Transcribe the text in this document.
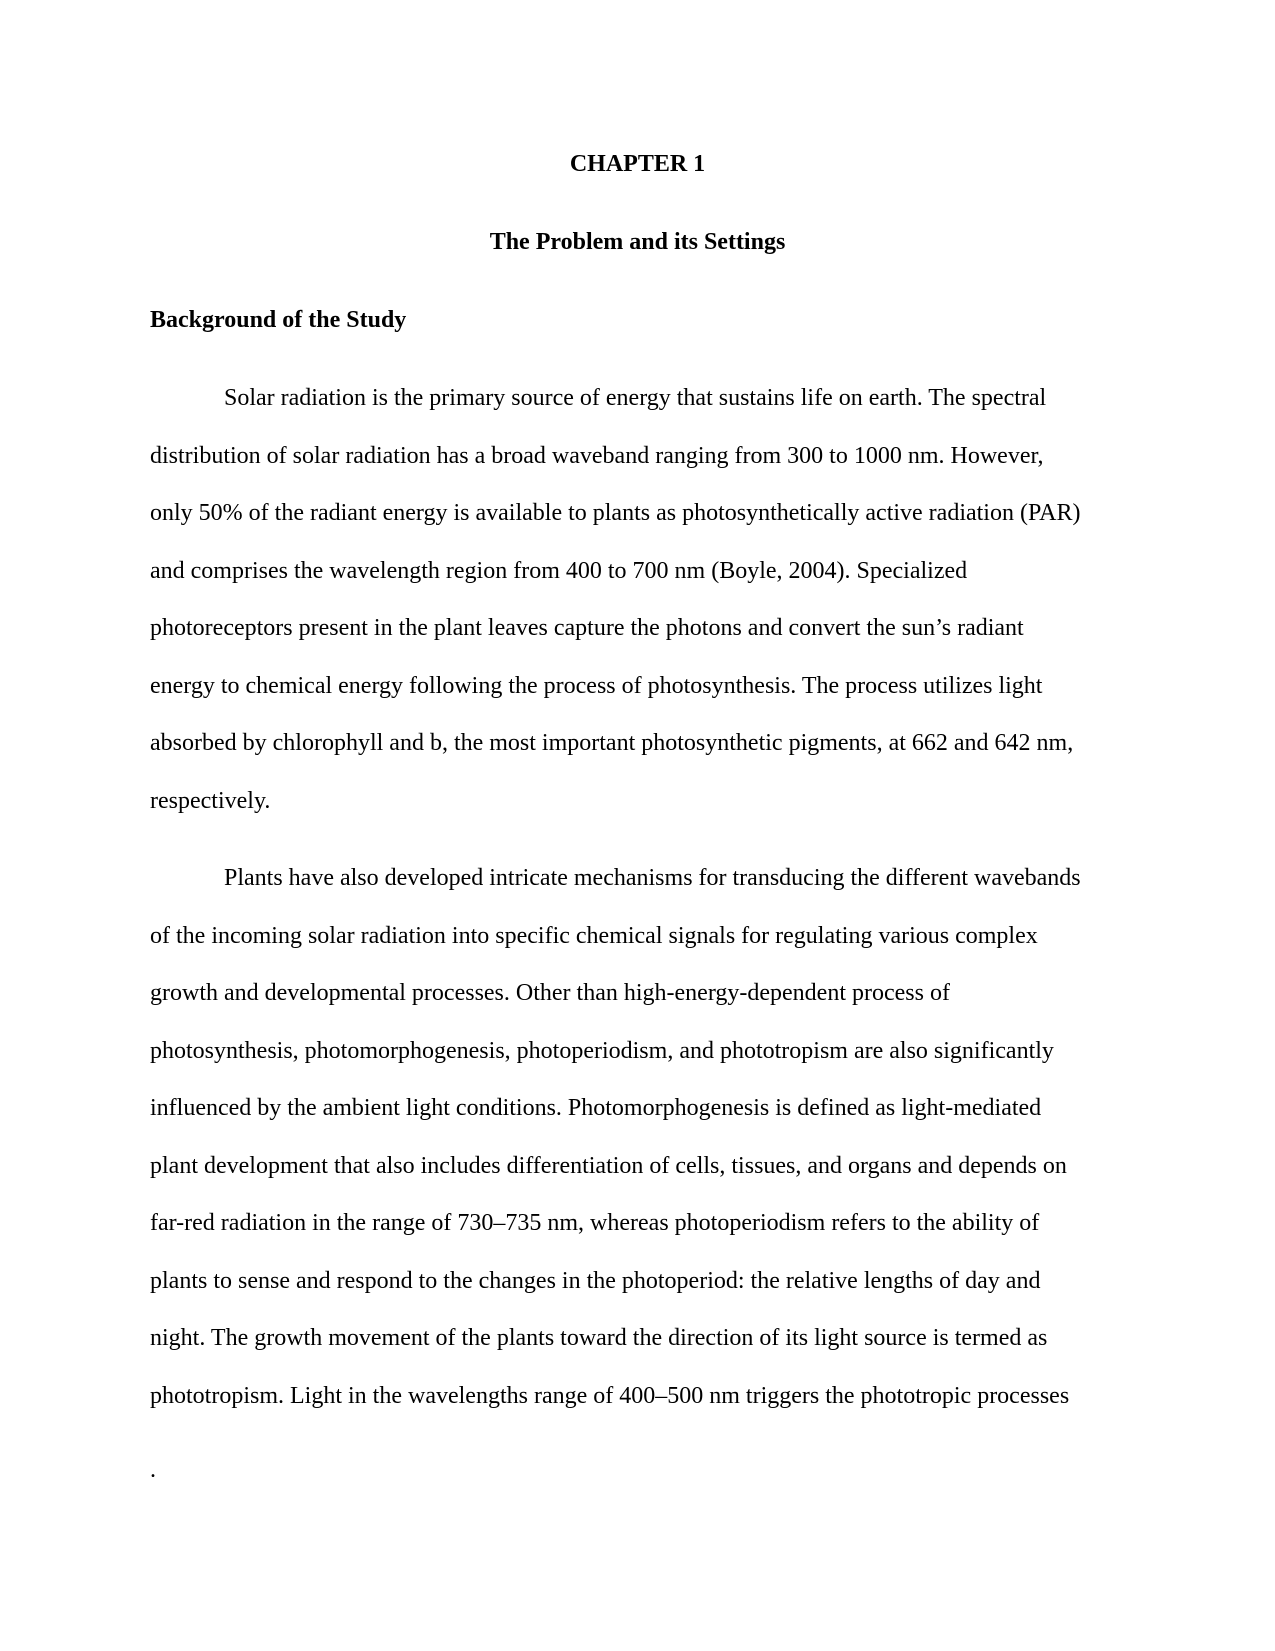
CHAPTER 1
The Problem and its Settings
Background of the Study

Solar radiation is the primary source of energy that sustains life on earth. The spectral
distribution of solar radiation has a broad waveband ranging from 300 to 1000 nm. However,
only 50% of the radiant energy is available to plants as photosynthetically active radiation (PAR)
and comprises the wavelength region from 400 to 700 nm (Boyle, 2004). Specialized
photoreceptors present in the plant leaves capture the photons and convert the sun’s radiant
energy to chemical energy following the process of photosynthesis. The process utilizes light
absorbed by chlorophyll and b, the most important photosynthetic pigments, at 662 and 642 nm,
respectively.

Plants have also developed intricate mechanisms for transducing the different wavebands
of the incoming solar radiation into specific chemical signals for regulating various complex
growth and developmental processes. Other than high-energy-dependent process of
photosynthesis, photomorphogenesis, photoperiodism, and phototropism are also significantly
influenced by the ambient light conditions. Photomorphogenesis is defined as light-mediated
plant development that also includes differentiation of cells, tissues, and organs and depends on
far-red radiation in the range of 730–735 nm, whereas photoperiodism refers to the ability of
plants to sense and respond to the changes in the photoperiod: the relative lengths of day and
night. The growth movement of the plants toward the direction of its light source is termed as
phototropism. Light in the wavelengths range of 400–500 nm triggers the phototropic processes

.
